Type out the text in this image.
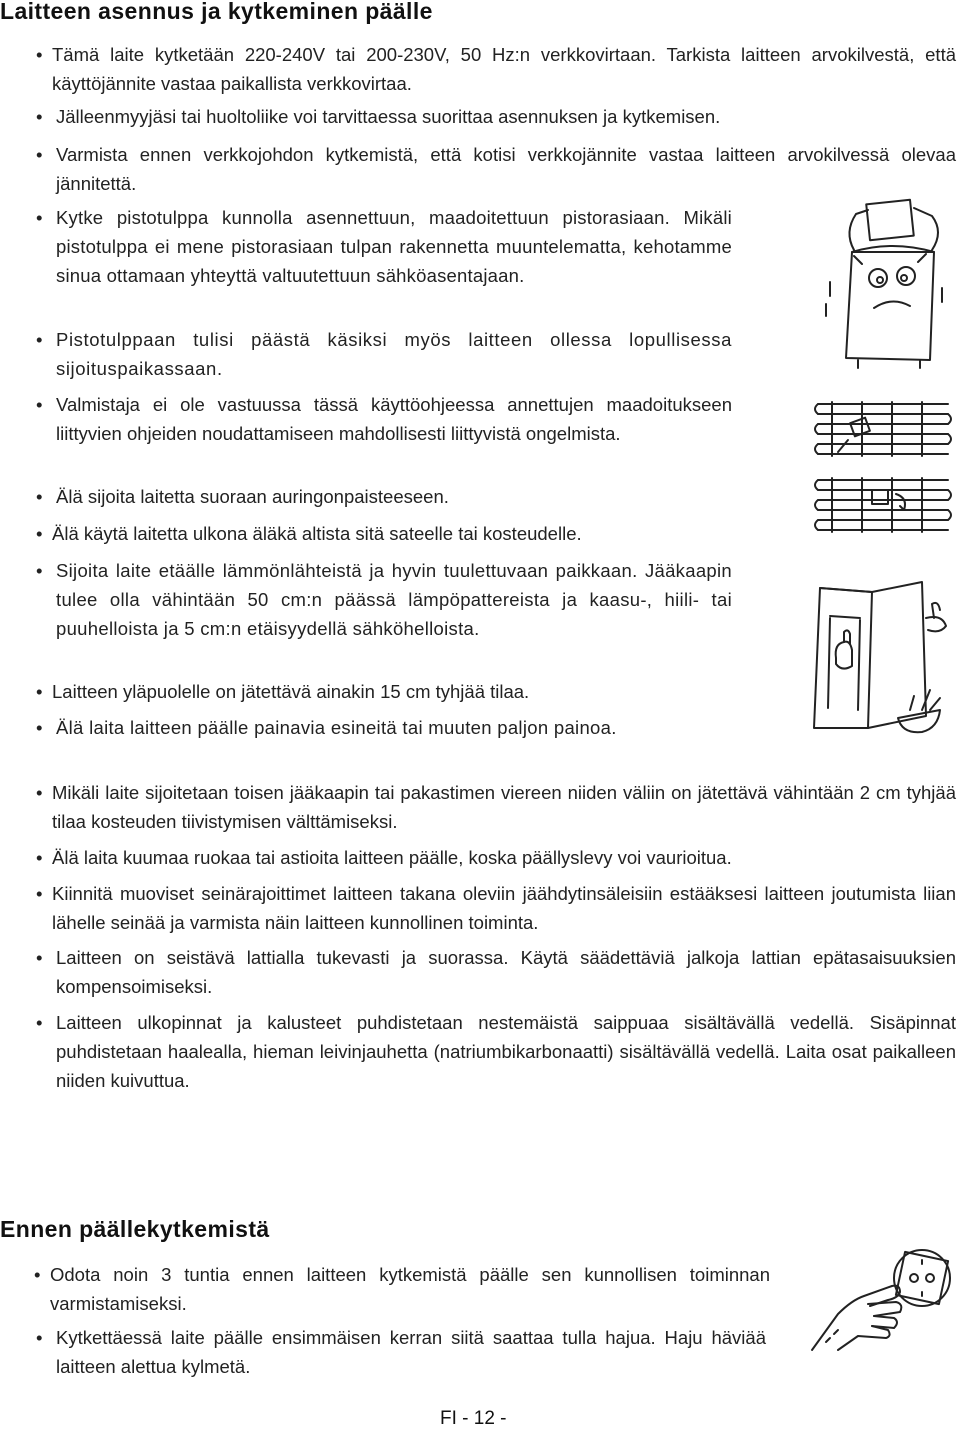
Laitteen asennus ja kytkeminen päälle
• Tämä laite kytketään 220-240V tai 200-230V, 50 Hz:n verkkovirtaan. Tarkista laitteen arvokilvestä, että käyttöjännite vastaa paikallista verkkovirtaa.
• Jälleenmyyjäsi tai huoltoliike voi tarvittaessa suorittaa asennuksen ja kytkemisen.
• Varmista ennen verkkojohdon kytkemistä, että kotisi verkkojännite vastaa laitteen arvokilvessä olevaa jännitettä.
• Kytke pistotulppa kunnolla asennettuun, maadoitettuun pistorasiaan. Mikäli pistotulppa ei mene pistorasiaan tulpan rakennetta muuntelematta, kehotamme sinua ottamaan yhteyttä valtuutettuun sähköasentajaan.
• Pistotulppaan tulisi päästä käsiksi myös laitteen ollessa lopullisessa sijoituspaikassaan.
• Valmistaja ei ole vastuussa tässä käyttöohjeessa annettujen maadoitukseen liittyvien ohjeiden noudattamiseen mahdollisesti liittyvistä ongelmista.
• Älä sijoita laitetta suoraan auringonpaisteeseen.
• Älä käytä laitetta ulkona äläkä altista sitä sateelle tai kosteudelle.
• Sijoita laite etäälle lämmönlähteistä ja hyvin tuulettuvaan paikkaan. Jääkaapin tulee olla vähintään 50 cm:n päässä lämpöpattereista ja kaasu-, hiili- tai puuhelloista ja 5 cm:n etäisyydellä sähköhelloista.
• Laitteen yläpuolelle on jätettävä ainakin 15 cm tyhjää tilaa.
• Älä laita laitteen päälle painavia esineitä tai muuten paljon painoa.
• Mikäli laite sijoitetaan toisen jääkaapin tai pakastimen viereen niiden väliin on jätettävä vähintään 2 cm tyhjää tilaa kosteuden tiivistymisen välttämiseksi.
• Älä laita kuumaa ruokaa tai astioita laitteen päälle, koska päällyslevy voi vaurioitua.
• Kiinnitä muoviset seinärajoittimet laitteen takana oleviin jäähdytinsäleisiin estääksesi laitteen joutumista liian lähelle seinää ja varmista näin laitteen kunnollinen toiminta.
• Laitteen on seistävä lattialla tukevasti ja suorassa. Käytä säädettäviä jalkoja lattian epätasaisuuksien kompensoimiseksi.
• Laitteen ulkopinnat ja kalusteet puhdistetaan nestemäistä saippuaa sisältävällä vedellä. Sisäpinnat puhdistetaan haalealla, hieman leivinjauhetta (natriumbikarbonaatti) sisältävällä vedellä. Laita osat paikalleen niiden kuivuttua.
Ennen päällekytkemistä
• Odota noin 3 tuntia ennen laitteen kytkemistä päälle sen kunnollisen toiminnan varmistamiseksi.
• Kytkettäessä laite päälle ensimmäisen kerran siitä saattaa tulla hajua. Haju häviää laitteen alettua kylmetä.
FI - 12 -
